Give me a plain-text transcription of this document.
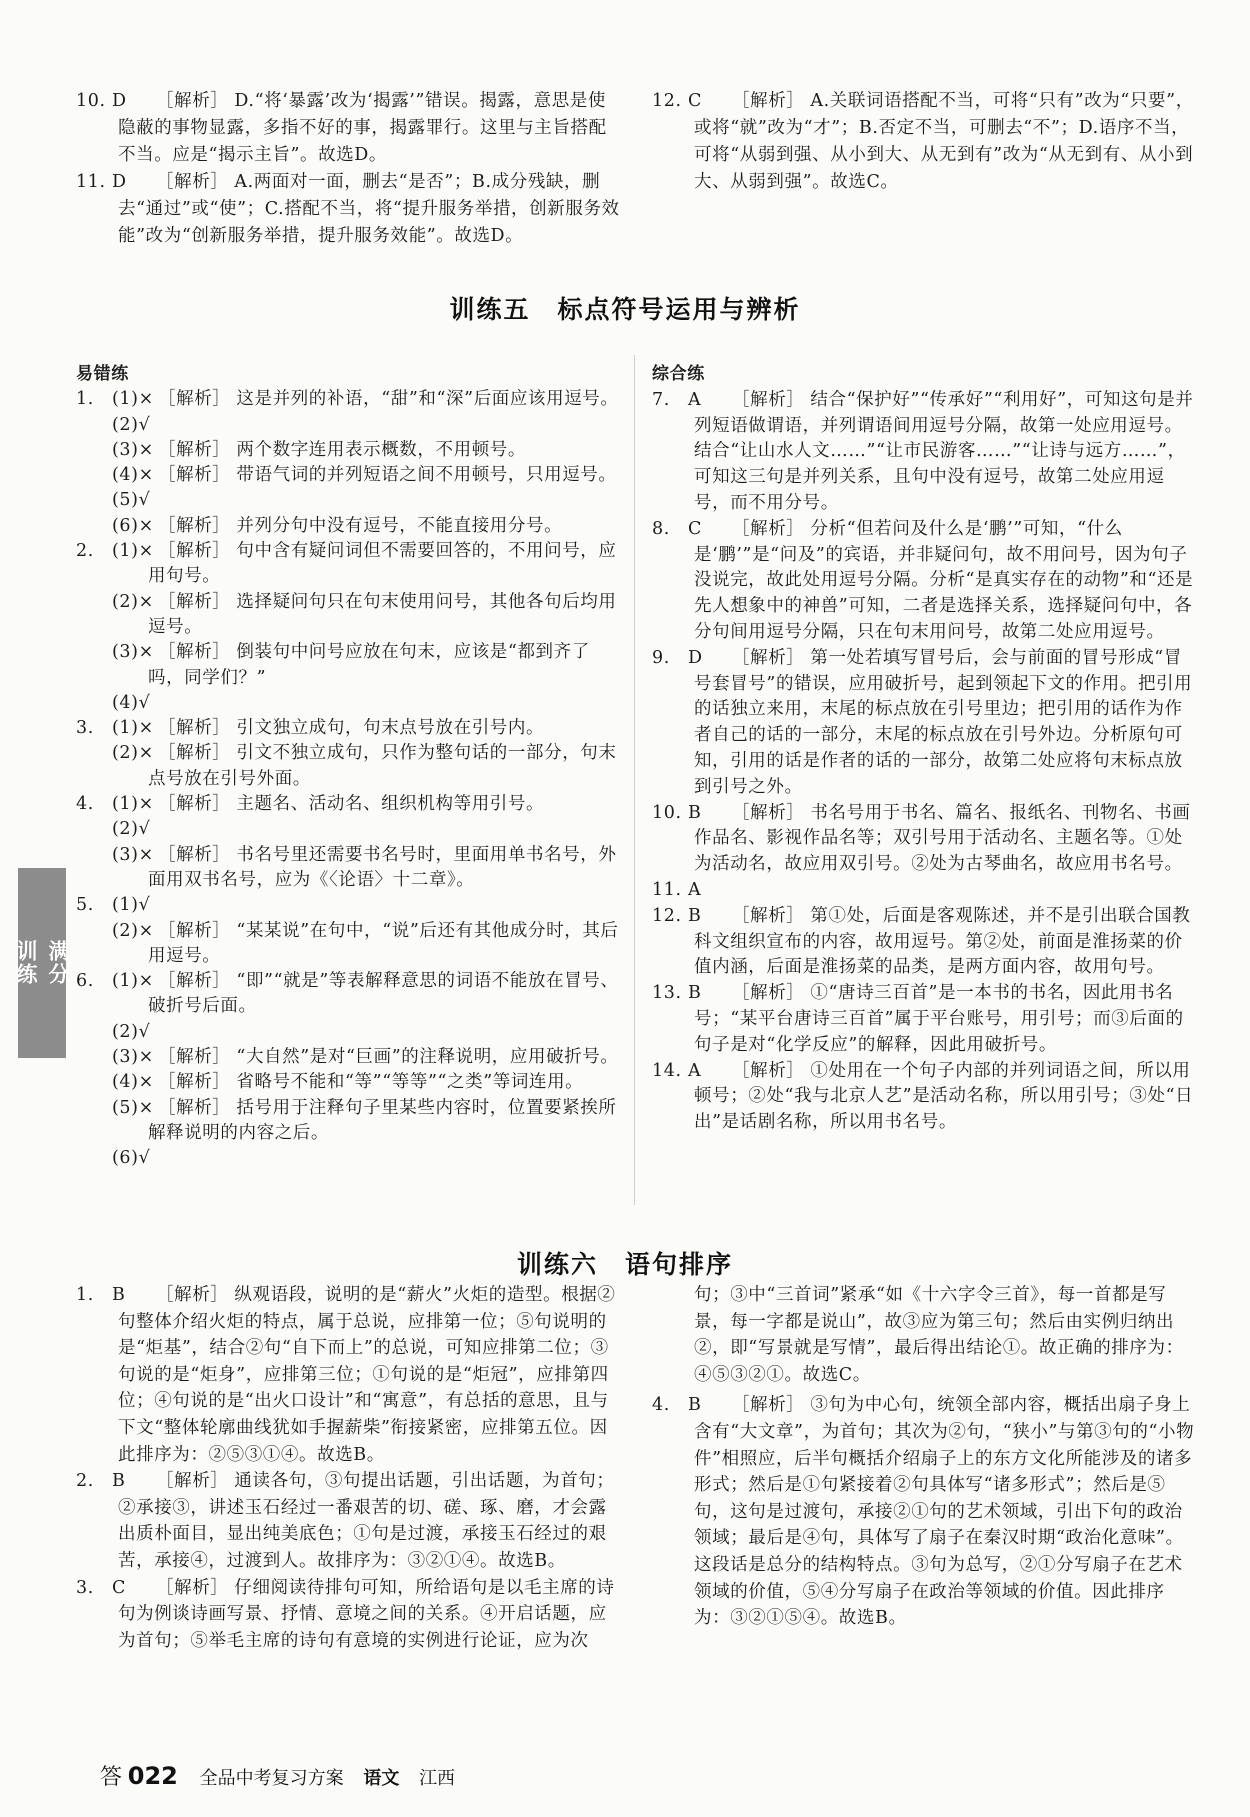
10. D ［解析］ D.“将‘暴露’改为‘揭露’”错误。揭露，意思是使隐蔽的事物显露，多指不好的事，揭露罪行。这里与主旨搭配不当。应是“揭示主旨”。故选D。

11. D ［解析］ A.两面对一面，删去“是否”；B.成分残缺，删去“通过”或“使”；C.搭配不当，将“提升服务举措，创新服务效能”改为“创新服务举措，提升服务效能”。故选D。

12. C ［解析］ A.关联词语搭配不当，可将“只有”改为“只要”，或将“就”改为“才”；B.否定不当，可删去“不”；D.语序不当，可将“从弱到强、从小到大、从无到有”改为“从无到有、从小到大、从弱到强”。故选C。

训练五　标点符号运用与辨析

易错练

1. (1)× ［解析］ 这是并列的补语，“甜”和“深”后面应该用逗号。

(2)√

(3)× ［解析］ 两个数字连用表示概数，不用顿号。

(4)× ［解析］ 带语气词的并列短语之间不用顿号，只用逗号。

(5)√

(6)× ［解析］ 并列分句中没有逗号，不能直接用分号。

2. (1)× ［解析］ 句中含有疑问词但不需要回答的，不用问号，应用句号。

(2)× ［解析］ 选择疑问句只在句末使用问号，其他各句后均用逗号。

(3)× ［解析］ 倒装句中问号应放在句末，应该是“都到齐了吗，同学们？”

(4)√

3. (1)× ［解析］ 引文独立成句，句末点号放在引号内。

(2)× ［解析］ 引文不独立成句，只作为整句话的一部分，句末点号放在引号外面。

4. (1)× ［解析］ 主题名、活动名、组织机构等用引号。

(2)√

(3)× ［解析］ 书名号里还需要书名号时，里面用单书名号，外面用双书名号，应为《〈论语〉十二章》。

5. (1)√

(2)× ［解析］ “某某说”在句中，“说”后还有其他成分时，其后用逗号。

6. (1)× ［解析］ “即”“就是”等表解释意思的词语不能放在冒号、破折号后面。

(2)√

(3)× ［解析］ “大自然”是对“巨画”的注释说明，应用破折号。

(4)× ［解析］ 省略号不能和“等”“等等”“之类”等词连用。

(5)× ［解析］ 括号用于注释句子里某些内容时，位置要紧挨所解释说明的内容之后。

(6)√

综合练

7. A ［解析］ 结合“保护好”“传承好”“利用好”，可知这句是并列短语做谓语，并列谓语间用逗号分隔，故第一处应用逗号。结合“让山水人文……”“让市民游客……”“让诗与远方……”，可知这三句是并列关系，且句中没有逗号，故第二处应用逗号，而不用分号。

8. C ［解析］ 分析“但若问及什么是‘鹏’”可知，“什么是‘鹏’”是“问及”的宾语，并非疑问句，故不用问号，因为句子没说完，故此处用逗号分隔。分析“是真实存在的动物”和“还是先人想象中的神兽”可知，二者是选择关系，选择疑问句中，各分句间用逗号分隔，只在句末用问号，故第二处应用逗号。

9. D ［解析］ 第一处若填写冒号后，会与前面的冒号形成“冒号套冒号”的错误，应用破折号，起到领起下文的作用。把引用的话独立来用，末尾的标点放在引号里边；把引用的话作为作者自己的话的一部分，末尾的标点放在引号外边。分析原句可知，引用的话是作者的话的一部分，故第二处应将句末标点放到引号之外。

10. B ［解析］ 书名号用于书名、篇名、报纸名、刊物名、书画作品名、影视作品名等；双引号用于活动名、主题名等。①处为活动名，故应用双引号。②处为古琴曲名，故应用书名号。

11. A

12. B ［解析］ 第①处，后面是客观陈述，并不是引出联合国教科文组织宣布的内容，故用逗号。第②处，前面是淮扬菜的价值内涵，后面是淮扬菜的品类，是两方面内容，故用句号。

13. B ［解析］ ①“唐诗三百首”是一本书的书名，因此用书名号；“某平台唐诗三百首”属于平台账号，用引号；而③后面的句子是对“化学反应”的解释，因此用破折号。

14. A ［解析］ ①处用在一个句子内部的并列词语之间，所以用顿号；②处“我与北京人艺”是活动名称，所以用引号；③处“日出”是话剧名称，所以用书名号。

训练六　语句排序

1. B ［解析］ 纵观语段，说明的是“薪火”火炬的造型。根据②句整体介绍火炬的特点，属于总说，应排第一位；⑤句说明的是“炬基”，结合②句“自下而上”的总说，可知应排第二位；③句说的是“炬身”，应排第三位；①句说的是“炬冠”，应排第四位；④句说的是“出火口设计”和“寓意”，有总括的意思，且与下文“整体轮廓曲线犹如手握薪柴”衔接紧密，应排第五位。因此排序为：②⑤③①④。故选B。

2. B ［解析］ 通读各句，③句提出话题，引出话题，为首句；②承接③，讲述玉石经过一番艰苦的切、磋、琢、磨，才会露出质朴面目，显出纯美底色；①句是过渡，承接玉石经过的艰苦，承接④，过渡到人。故排序为：③②①④。故选B。

3. C ［解析］ 仔细阅读待排句可知，所给语句是以毛主席的诗句为例谈诗画写景、抒情、意境之间的关系。④开启话题，应为首句；⑤举毛主席的诗句有意境的实例进行论证，应为次

句；③中“三首词”紧承“如《十六字令三首》，每一首都是写景，每一字都是说山”，故③应为第三句；然后由实例归纳出②，即“写景就是写情”，最后得出结论①。故正确的排序为：④⑤③②①。故选C。

4. B ［解析］ ③句为中心句，统领全部内容，概括出扇子身上含有“大文章”，为首句；其次为②句，“狭小”与第③句的“小物件”相照应，后半句概括介绍扇子上的东方文化所能涉及的诸多形式；然后是①句紧接着②句具体写“诸多形式”；然后是⑤句，这句是过渡句，承接②①句的艺术领域，引出下句的政治领域；最后是④句，具体写了扇子在秦汉时期“政治化意味”。这段话是总分的结构特点。③句为总写，②①分写扇子在艺术领域的价值，⑤④分写扇子在政治等领域的价值。因此排序为：③②①⑤④。故选B。

满分
训练
答 022 全品中考复习方案 语文 江西
